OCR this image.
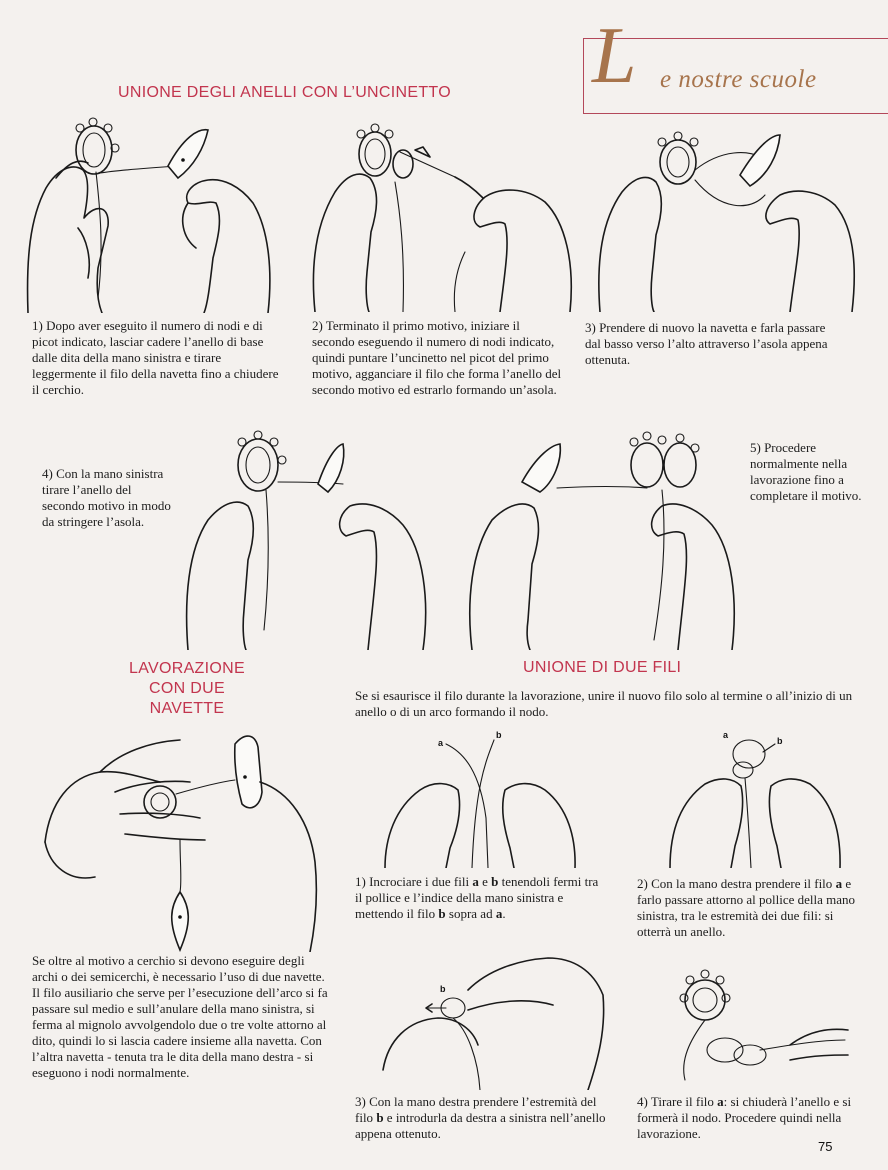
L e nostre scuole
UNIONE DEGLI ANELLI CON L’UNCINETTO
1) Dopo aver eseguito il numero di nodi e di picot indicato, lasciar cadere l’anello di base dalle dita della mano sinistra e tirare leggermente il filo della navetta fino a chiudere il cerchio.
2) Terminato il primo motivo, iniziare il secondo eseguendo il numero di nodi indicato, quindi puntare l’uncinetto nel picot del primo motivo, agganciare il filo che forma l’anello del secondo motivo ed estrarlo formando un’asola.
3) Prendere di nuovo la navetta e farla passare dal basso verso l’alto attraverso l’asola appena ottenuta.
4) Con la mano sinistra tirare l’anello del secondo motivo in modo da stringere l’asola.
5) Procedere normalmente nella lavorazione fino a completare il motivo.
LAVORAZIONE
CON DUE NAVETTE
Se oltre al motivo a cerchio si devono eseguire degli archi o dei semicerchi, è necessario l’uso di due navette. Il filo ausiliario che serve per l’esecuzione dell’arco si fa passare sul medio e sull’anulare della mano sinistra, si ferma al mignolo avvolgendolo due o tre volte attorno al dito, quindi lo si lascia cadere insieme alla navetta. Con l’altra navetta - tenuta tra le dita della mano destra - si eseguono i nodi normalmente.
UNIONE DI DUE FILI
Se si esaurisce il filo durante la lavorazione, unire il nuovo filo solo al termine o all’inizio di un anello o di un arco formando il nodo.
a
b	a
b
1) Incrociare i due fili a e b tenendoli fermi tra il pollice e l’indice della mano sinistra e mettendo il filo b sopra ad a.
2) Con la mano destra prendere il filo a e farlo passare attorno al pollice della mano sinistra, tra le estremità dei due fili: si otterrà un anello.
b
3) Con la mano destra prendere l’estremità del filo b e introdurla da destra a sinistra nell’anello appena ottenuto.
4) Tirare il filo a: si chiuderà l’anello e si formerà il nodo. Procedere quindi nella lavorazione.
75
